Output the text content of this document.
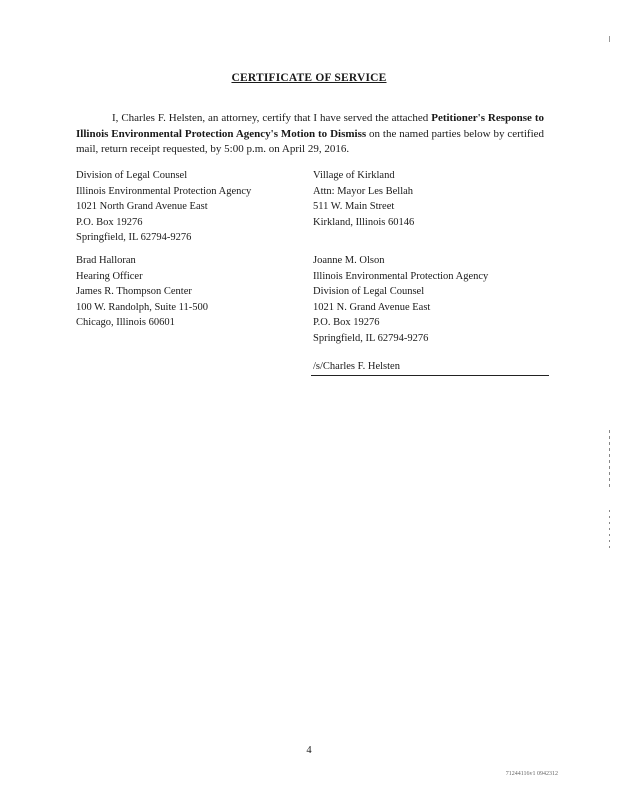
CERTIFICATE OF SERVICE
I, Charles F. Helsten, an attorney, certify that I have served the attached Petitioner's Response to Illinois Environmental Protection Agency's Motion to Dismiss on the named parties below by certified mail, return receipt requested, by 5:00 p.m. on April 29, 2016.
Division of Legal Counsel
Illinois Environmental Protection Agency
1021 North Grand Avenue East
P.O. Box 19276
Springfield, IL 62794-9276
Village of Kirkland
Attn: Mayor Les Bellah
511 W. Main Street
Kirkland, Illinois 60146
Brad Halloran
Hearing Officer
James R. Thompson Center
100 W. Randolph, Suite 11-500
Chicago, Illinois 60601
Joanne M. Olson
Illinois Environmental Protection Agency
Division of Legal Counsel
1021 N. Grand Avenue East
P.O. Box 19276
Springfield, IL 62794-9276
/s/Charles F. Helsten
4
71244116v1 0942312
